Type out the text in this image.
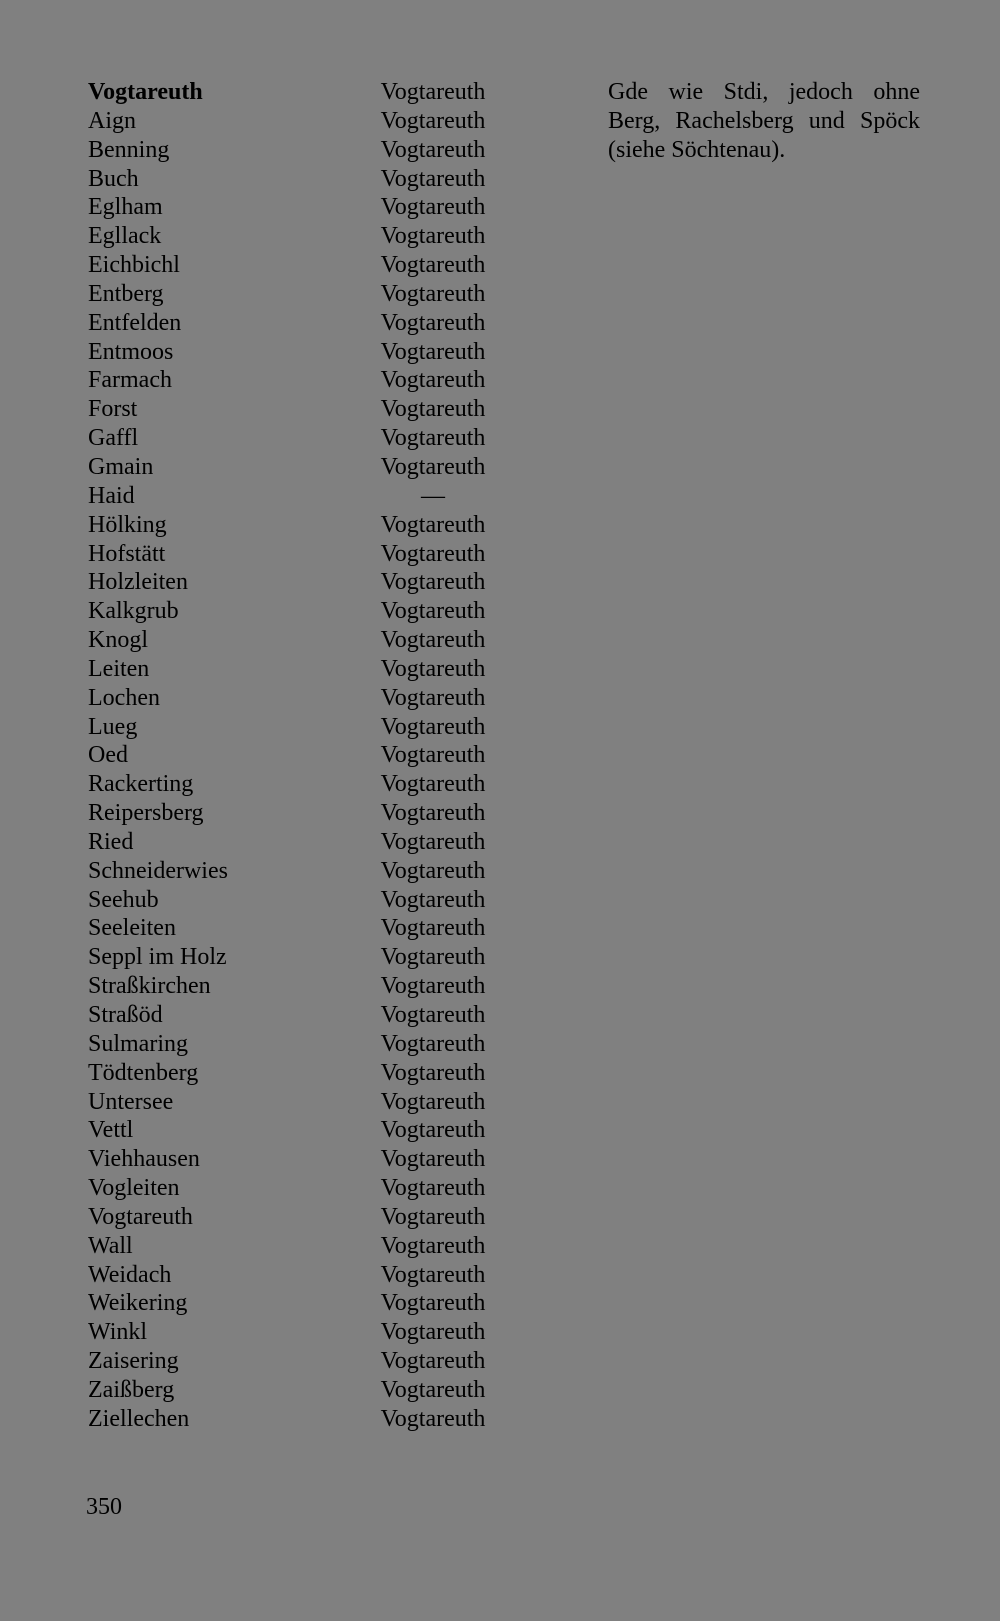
Vogtareuth
Aign
Benning
Buch
Eglham
Egllack
Eichbichl
Entberg
Entfelden
Entmoos
Farmach
Forst
Gaffl
Gmain
Haid
Hölking
Hofstätt
Holzleiten
Kalkgrub
Knogl
Leiten
Lochen
Lueg
Oed
Rackerting
Reipersberg
Ried
Schneiderwies
Seehub
Seeleiten
Seppl im Holz
Straßkirchen
Straßöd
Sulmaring
Tödtenberg
Untersee
Vettl
Viehhausen
Vogleiten
Vogtareuth
Wall
Weidach
Weikering
Winkl
Zaisering
Zaißberg
Ziellechen
Vogtareuth
Vogtareuth
Vogtareuth
Vogtareuth
Vogtareuth
Vogtareuth
Vogtareuth
Vogtareuth
Vogtareuth
Vogtareuth
Vogtareuth
Vogtareuth
Vogtareuth
Vogtareuth
—
Vogtareuth
Vogtareuth
Vogtareuth
Vogtareuth
Vogtareuth
Vogtareuth
Vogtareuth
Vogtareuth
Vogtareuth
Vogtareuth
Vogtareuth
Vogtareuth
Vogtareuth
Vogtareuth
Vogtareuth
Vogtareuth
Vogtareuth
Vogtareuth
Vogtareuth
Vogtareuth
Vogtareuth
Vogtareuth
Vogtareuth
Vogtareuth
Vogtareuth
Vogtareuth
Vogtareuth
Vogtareuth
Vogtareuth
Vogtareuth
Vogtareuth
Vogtareuth
Gde wie Stdi, jedoch ohne Berg, Rachelsberg und Spöck (siehe Söchtenau).
350
